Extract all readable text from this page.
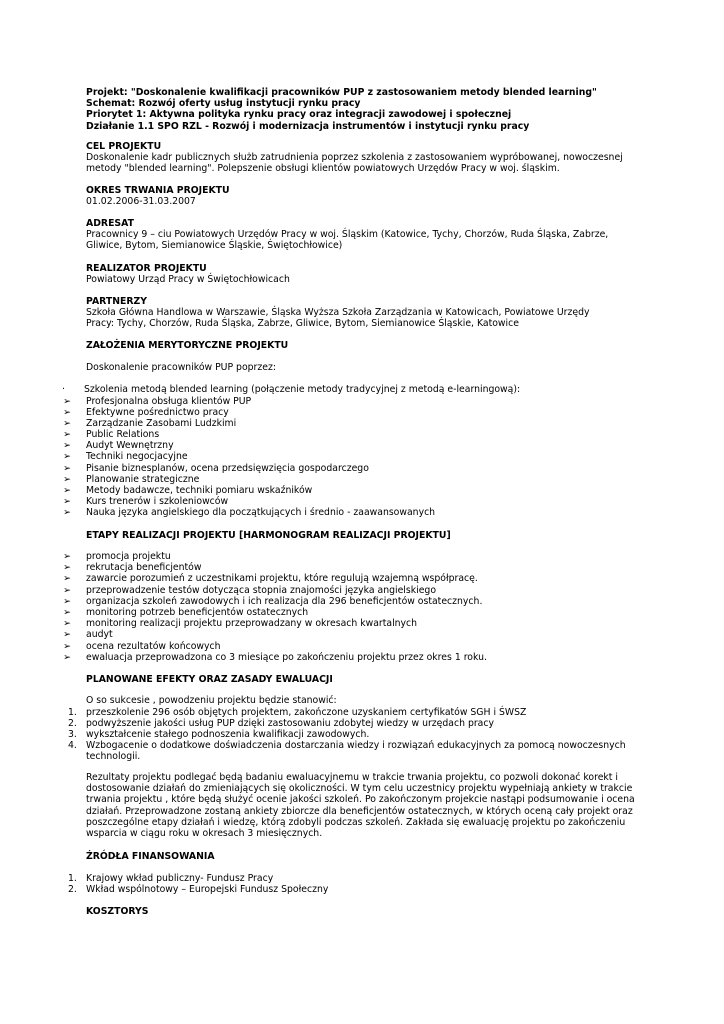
Projekt: "Doskonalenie kwalifikacji pracowników PUP z zastosowaniem metody blended learning"
Schemat: Rozwój oferty usług instytucji rynku pracy
Priorytet 1: Aktywna polityka rynku pracy oraz integracji zawodowej i społecznej
Działanie 1.1 SPO RZL - Rozwój i modernizacja instrumentów i instytucji rynku pracy
CEL PROJEKTU
Doskonalenie kadr publicznych służb zatrudnienia poprzez szkolenia z zastosowaniem wypróbowanej, nowoczesnej
metody "blended learning". Polepszenie obsługi klientów powiatowych Urzędów Pracy w woj. śląskim.
OKRES TRWANIA PROJEKTU
01.02.2006-31.03.2007
ADRESAT
Pracownicy 9 – ciu Powiatowych Urzędów Pracy w woj. Śląskim (Katowice, Tychy, Chorzów, Ruda Śląska, Zabrze,
Gliwice, Bytom, Siemianowice Śląskie, Świętochłowice)
REALIZATOR PROJEKTU
Powiatowy Urząd Pracy w Świętochłowicach
PARTNERZY
Szkoła Główna Handlowa w Warszawie, Śląska Wyższa Szkoła Zarządzania w Katowicach, Powiatowe Urzędy
Pracy: Tychy, Chorzów, Ruda Śląska, Zabrze, Gliwice, Bytom, Siemianowice Śląskie, Katowice
ZAŁOŻENIA MERYTORYCZNE PROJEKTU
Doskonalenie pracowników PUP poprzez:
· Szkolenia metodą blended learning (połączenie metody tradycyjnej z metodą e-learningową):
➢	Profesjonalna obsługa klientów PUP
➢	Efektywne pośrednictwo pracy
➢	Zarządzanie Zasobami Ludzkimi
➢	Public Relations
➢	Audyt Wewnętrzny
➢	Techniki negocjacyjne
➢	Pisanie biznesplanów, ocena przedsięwzięcia gospodarczego
➢	Planowanie strategiczne
➢	Metody badawcze, techniki pomiaru wskaźników
➢	Kurs trenerów i szkoleniowców
➢	Nauka języka angielskiego dla początkujących i średnio - zaawansowanych
ETAPY REALIZACJI PROJEKTU [HARMONOGRAM REALIZACJI PROJEKTU]
➢	promocja projektu
➢	rekrutacja beneficjentów
➢	zawarcie porozumień z uczestnikami projektu, które regulują wzajemną współpracę.
➢	przeprowadzenie testów dotycząca stopnia znajomości języka angielskiego
➢	organizacja szkoleń zawodowych i ich realizacja dla 296 beneficjentów ostatecznych.
➢	monitoring potrzeb beneficjentów ostatecznych
➢	monitoring realizacji projektu przeprowadzany w okresach kwartalnych
➢	audyt
➢	ocena rezultatów końcowych
➢	ewaluacja przeprowadzona co 3 miesiące po zakończeniu projektu przez okres 1 roku.
PLANOWANE EFEKTY ORAZ ZASADY EWALUACJI
O so sukcesie , powodzeniu projektu będzie stanowić:
1. przeszkolenie 296 osób objętych projektem, zakończone uzyskaniem certyfikatów SGH i ŚWSZ
2. podwyższenie jakości usług PUP dzięki zastosowaniu zdobytej wiedzy w urzędach pracy
3. wykształcenie stałego podnoszenia kwalifikacji zawodowych.
4. Wzbogacenie o dodatkowe doświadczenia dostarczania wiedzy i rozwiązań edukacyjnych za pomocą nowoczesnych
technologii.
Rezultaty projektu podlegać będą badaniu ewaluacyjnemu w trakcie trwania projektu, co pozwoli dokonać korekt i
dostosowanie działań do zmieniających się okoliczności. W tym celu uczestnicy projektu wypełniają ankiety w trakcie
trwania projektu , które będą służyć ocenie jakości szkoleń. Po zakończonym projekcie nastąpi podsumowanie i ocena
działań. Przeprowadzone zostaną ankiety zbiorcze dla beneficjentów ostatecznych, w których oceną cały projekt oraz
poszczególne etapy działań i wiedzę, którą zdobyli podczas szkoleń. Zakłada się ewaluację projektu po zakończeniu
wsparcia w ciągu roku w okresach 3 miesięcznych.
ŹRÓDŁA FINANSOWANIA
1. Krajowy wkład publiczny- Fundusz Pracy
2. Wkład wspólnotowy – Europejski Fundusz Społeczny
KOSZTORYS
